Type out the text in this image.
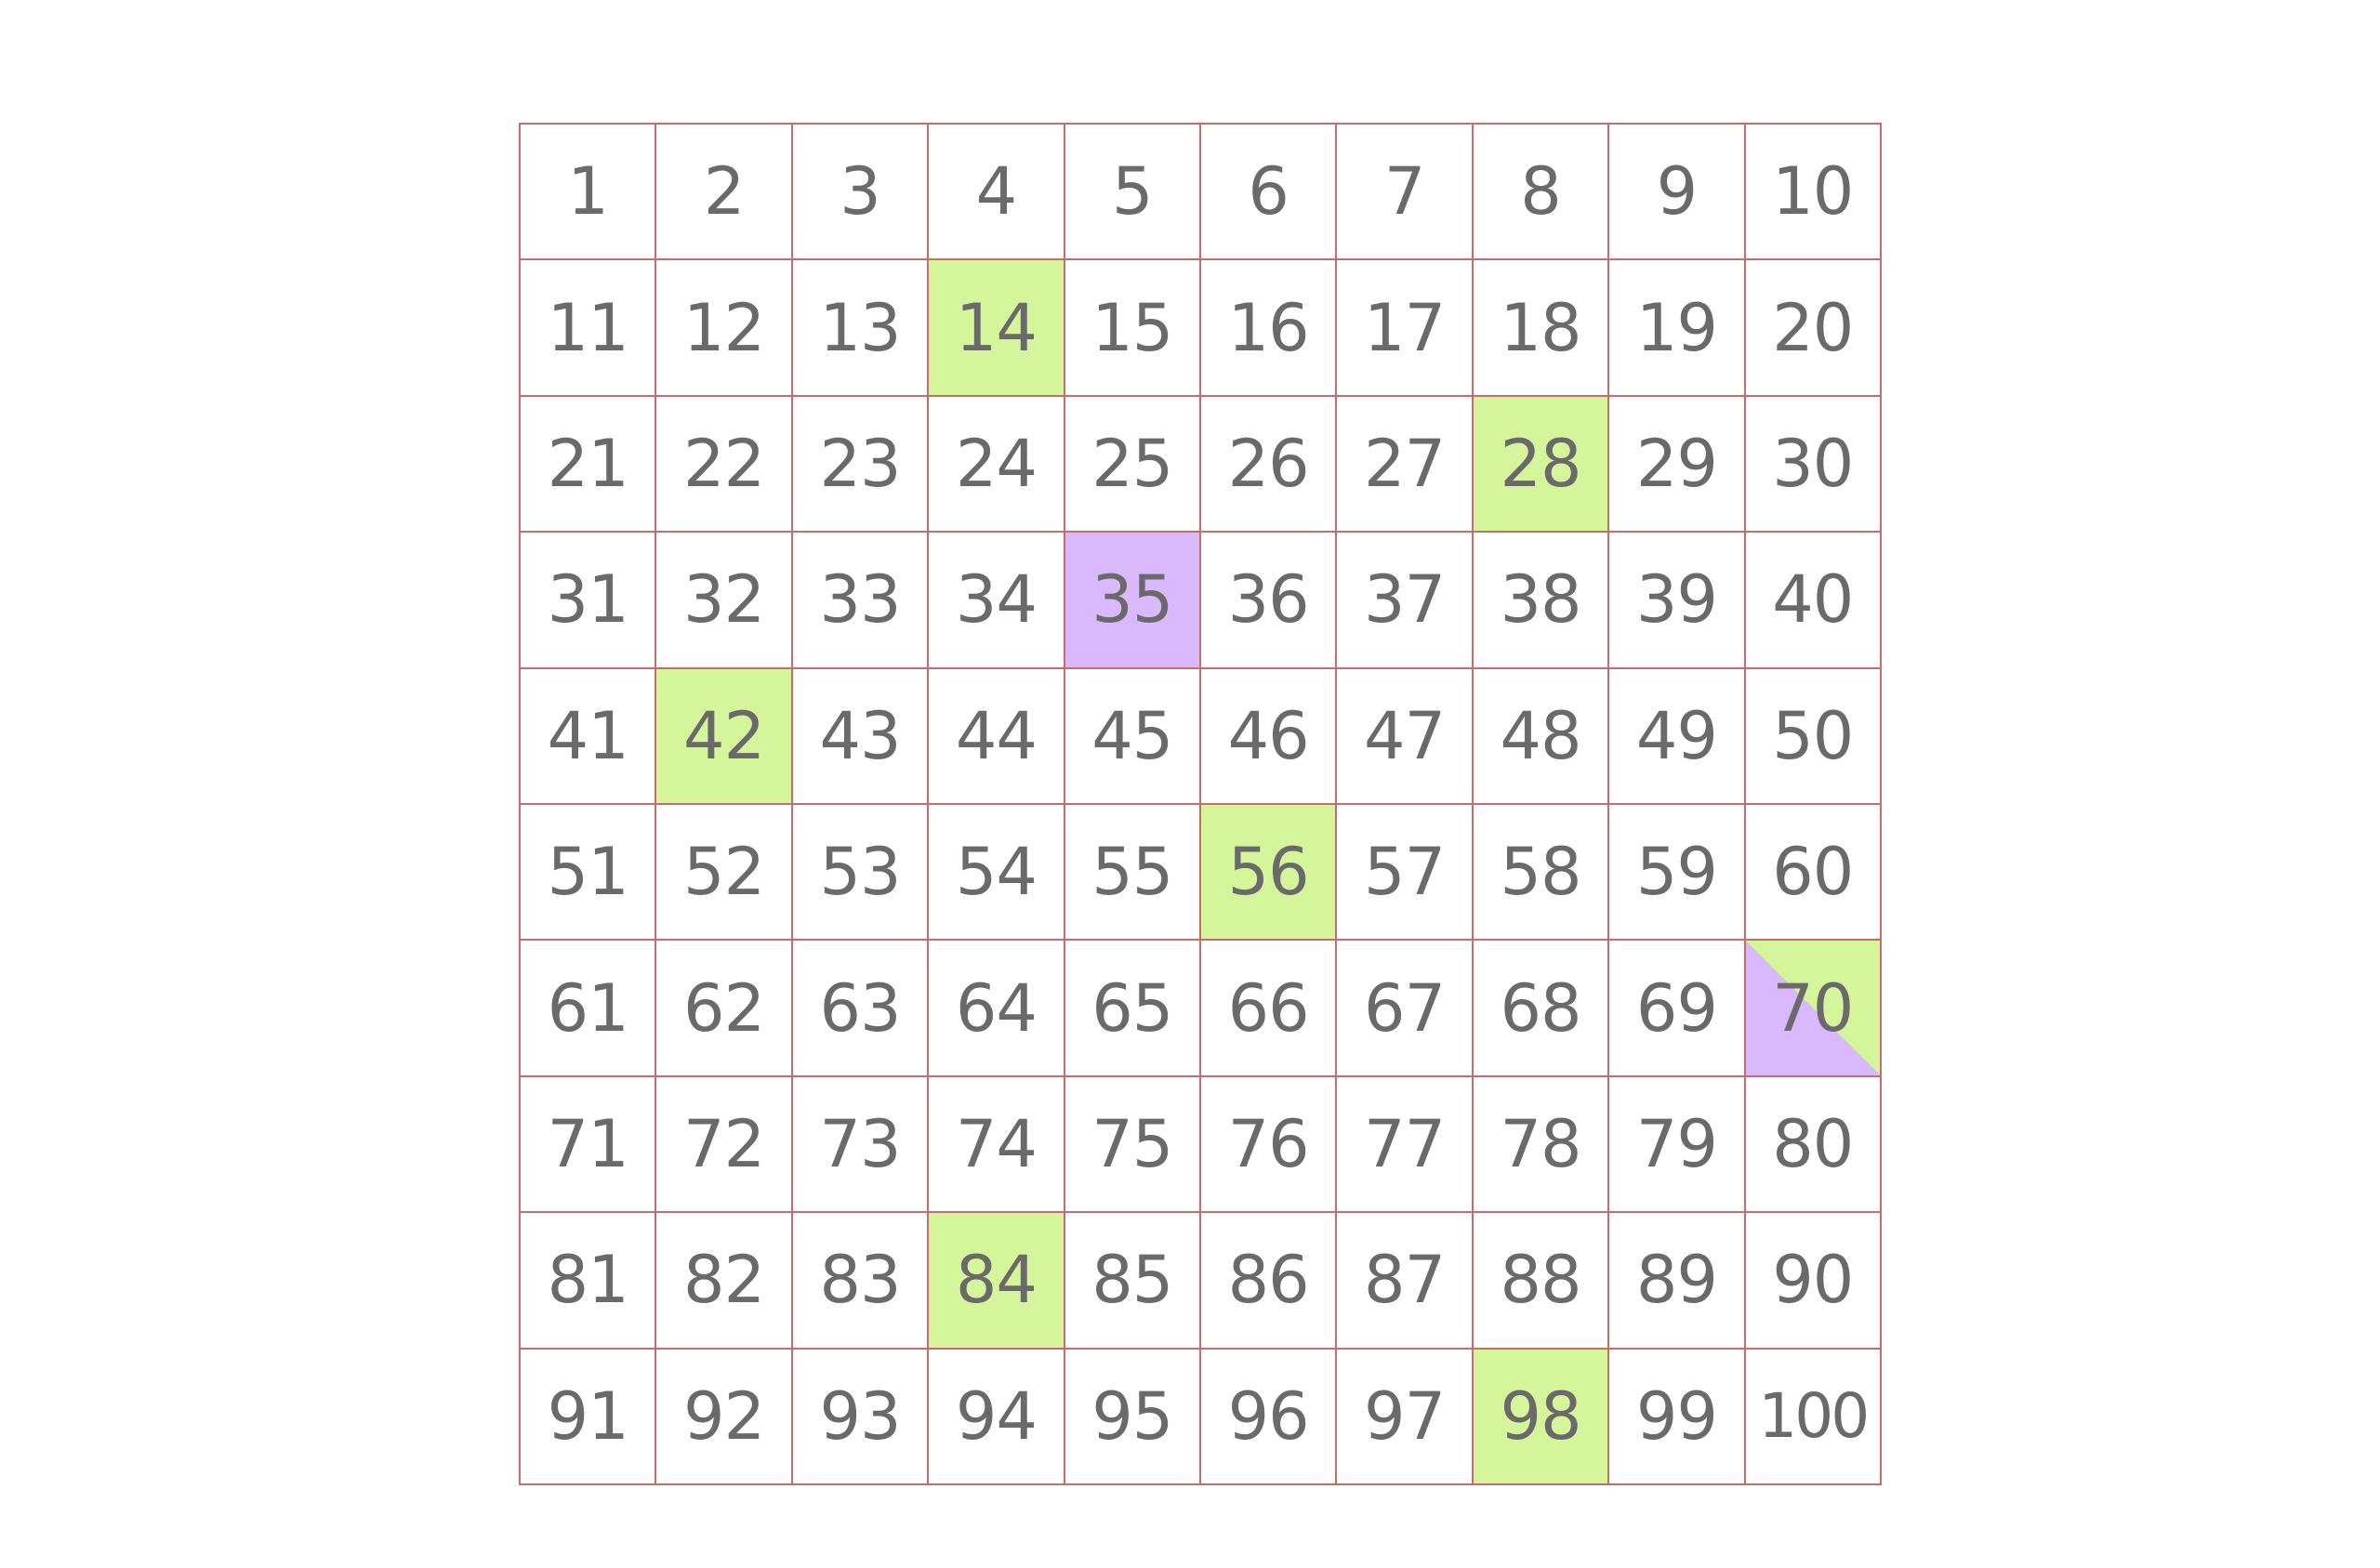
1 2 3 4 5 6 7 8 9 10
11 12 13 14 15 16 17 18 19 20
21 22 23 24 25 26 27 28 29 30
31 32 33 34 35 36 37 38 39 40
41 42 43 44 45 46 47 48 49 50
51 52 53 54 55 56 57 58 59 60
61 62 63 64 65 66 67 68 69 70
71 72 73 74 75 76 77 78 79 80
81 82 83 84 85 86 87 88 89 90
91 92 93 94 95 96 97 98 99 100
